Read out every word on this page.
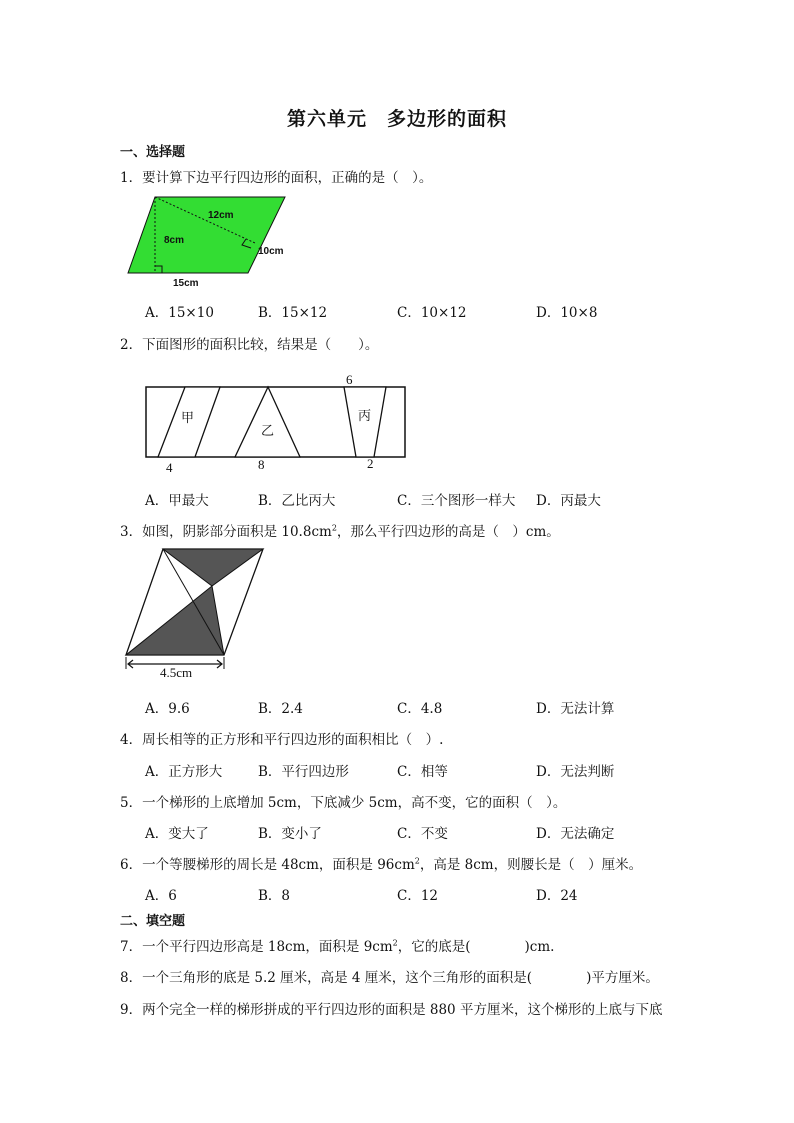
第六单元　多边形的面积
一、选择题
1．要计算下边平行四边形的面积，正确的是（　）。
12cm
8cm
10cm
15cm
A．15×10	B．15×12	C．10×12	D．10×8
2．下面图形的面积比较，结果是（　　）。
甲
乙
丙
6
4	8	2
A．甲最大	B．乙比丙大	C．三个图形一样大 D．丙最大
3．如图，阴影部分面积是 $10.8cm^2$，那么平行四边形的高是（　）cm。
4.5cm
A．9.6	B．2.4	C．4.8	D．无法计算
4．周长相等的正方形和平行四边形的面积相比（　）.
A．正方形大	B．平行四边形	C．相等	D．无法判断
5．一个梯形的上底增加 5cm，下底减少 5cm，高不变，它的面积（　）。
A．变大了	B．变小了	C．不变	D．无法确定
6．一个等腰梯形的周长是 48cm，面积是 $96cm^2$，高是 8cm，则腰长是（　）厘米。
A．6	B．8	C．12	D．24
二、填空题
7．一个平行四边形高是 18cm，面积是 $9cm^2$，它的底是(　　　　)cm.
8．一个三角形的底是 5.2 厘米，高是 4 厘米，这个三角形的面积是(　　　　)平方厘米。
9．两个完全一样的梯形拼成的平行四边形的面积是 880 平方厘米，这个梯形的上底与下底
